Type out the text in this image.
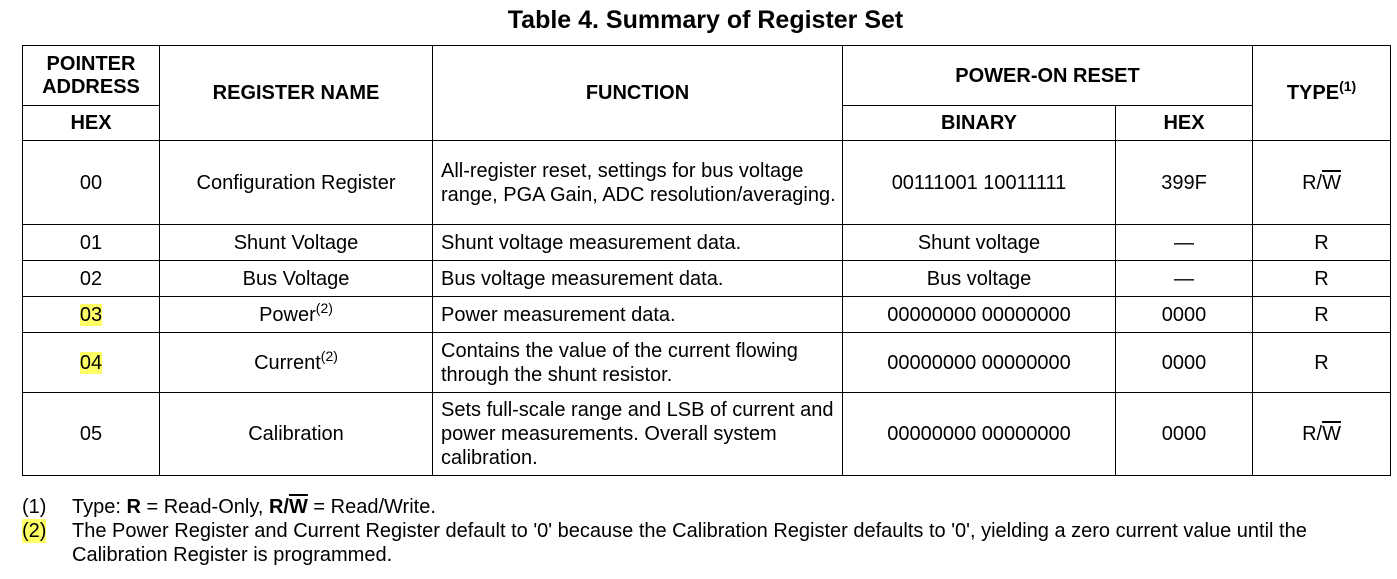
Table 4. Summary of Register Set
POINTER ADDRESS	REGISTER NAME	FUNCTION	POWER-ON RESET		TYPE$^{(1)}$
HEX			BINARY	HEX	
00	Configuration Register	All-register reset, settings for bus voltage range, PGA Gain, ADC resolution/averaging.	00111001 10011111	399F	$R/\overline{W}$
01	Shunt Voltage	Shunt voltage measurement data.	Shunt voltage	—	R
02	Bus Voltage	Bus voltage measurement data.	Bus voltage	—	R
03	Power$^{(2)}$	Power measurement data.	00000000 00000000	0000	R
04	Current$^{(2)}$	Contains the value of the current flowing through the shunt resistor.	00000000 00000000	0000	R
05	Calibration	Sets full-scale range and LSB of current and power measurements. Overall system calibration.	00000000 00000000	0000	$R/\overline{W}$
(1)	Type: R = Read-Only, $R/\overline{W}$ = Read/Write.
(2)	The Power Register and Current Register default to '0' because the Calibration Register defaults to '0', yielding a zero current value until the Calibration Register is programmed.
